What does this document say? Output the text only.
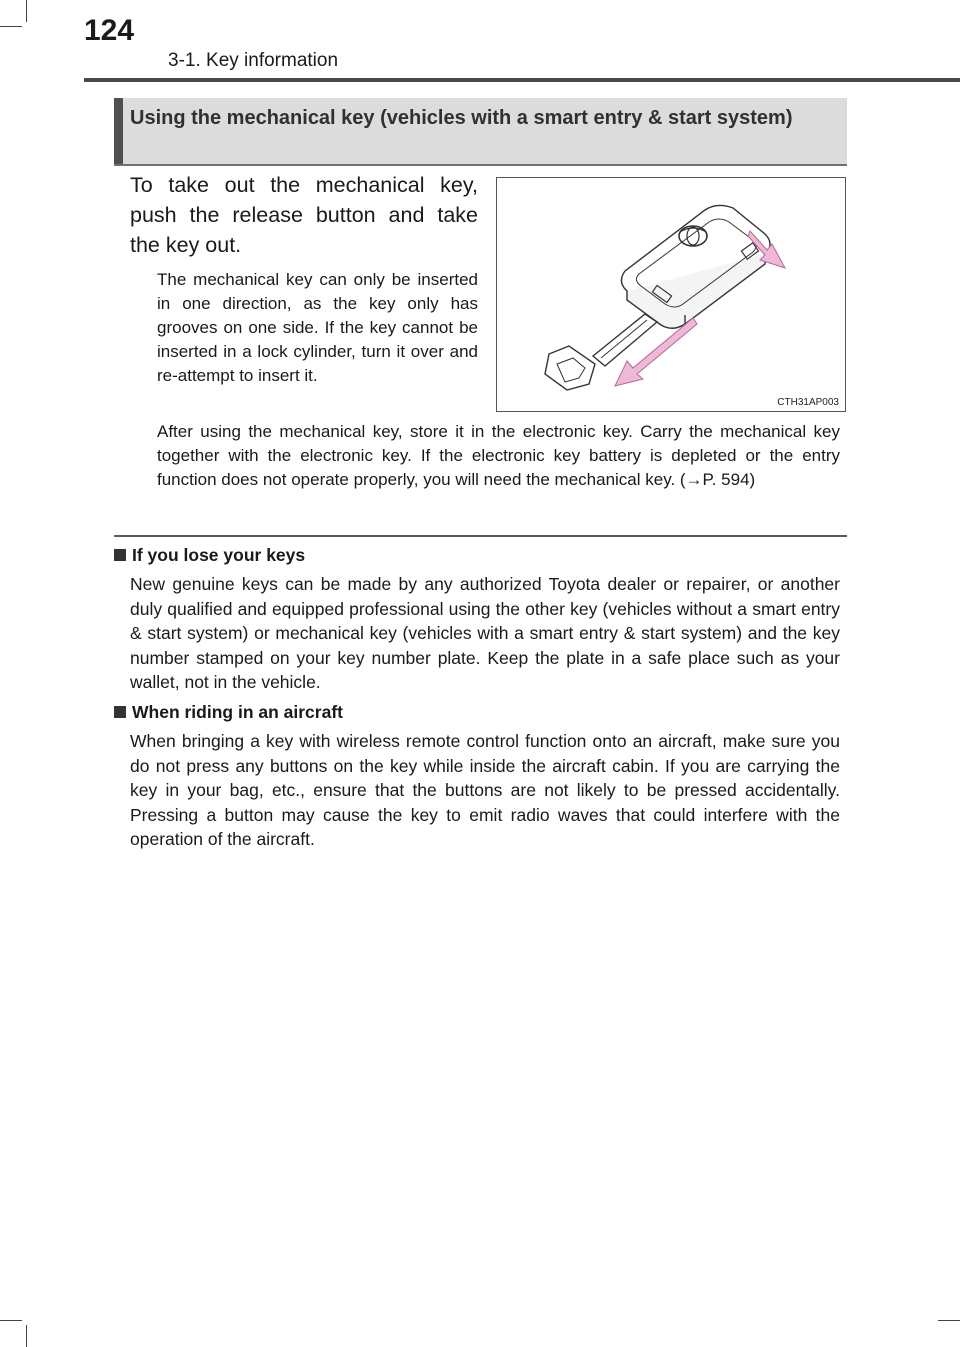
124
3-1. Key information
Using the mechanical key (vehicles with a smart entry & start system)
To take out the mechanical key, push the release button and take the key out.
The mechanical key can only be inserted in one direction, as the key only has grooves on one side. If the key cannot be inserted in a lock cylinder, turn it over and re-attempt to insert it.
CTH31AP003
After using the mechanical key, store it in the electronic key. Carry the mechanical key together with the electronic key. If the electronic key battery is depleted or the entry function does not operate properly, you will need the mechanical key. (→P. 594)
If you lose your keys
New genuine keys can be made by any authorized Toyota dealer or repairer, or another duly qualified and equipped professional using the other key (vehicles without a smart entry & start system) or mechanical key (vehicles with a smart entry & start system) and the key number stamped on your key number plate. Keep the plate in a safe place such as your wallet, not in the vehicle.
When riding in an aircraft
When bringing a key with wireless remote control function onto an aircraft, make sure you do not press any buttons on the key while inside the aircraft cabin. If you are carrying the key in your bag, etc., ensure that the buttons are not likely to be pressed accidentally. Pressing a button may cause the key to emit radio waves that could interfere with the operation of the aircraft.
